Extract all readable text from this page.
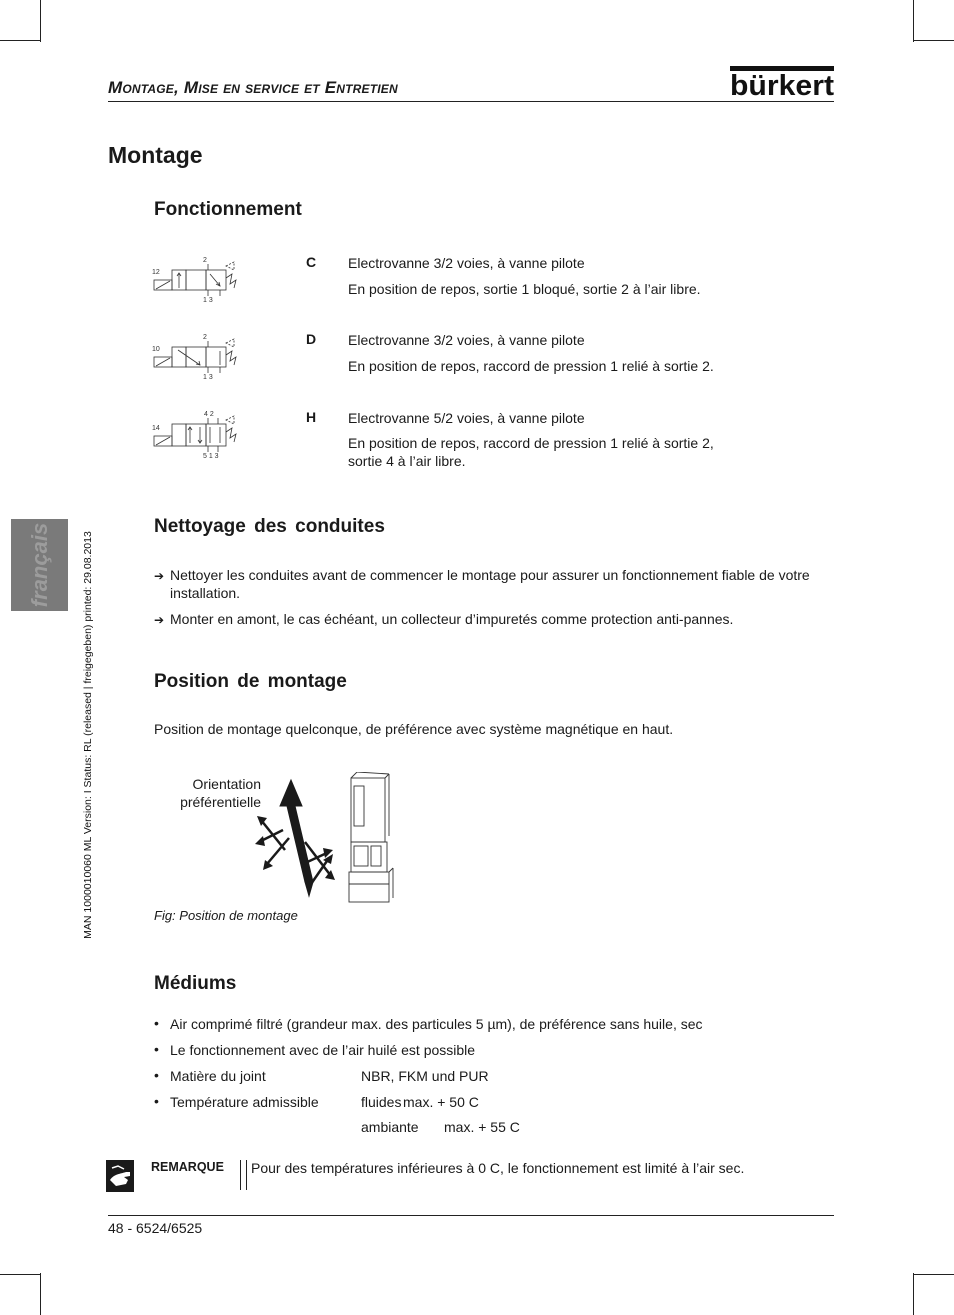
Montage, Mise en service et Entretien	bürkert
Montage
français	MAN 1000010060 ML Version: I Status: RL (released | freigegeben) printed: 29.08.2013
Fonctionnement
2
12
1 3
C Electrovanne 3/2 voies, à vanne pilote
En position de repos, sortie 1 bloqué, sortie 2 à l’air libre.
2
10
1 3
D Electrovanne 3/2 voies, à vanne pilote
En position de repos, raccord de pression 1 relié à sortie 2.
4 2
14
5 1 3
H Electrovanne 5/2 voies, à vanne pilote
En position de repos, raccord de pression 1 relié à sortie 2,
sortie 4 à l’air libre.
Nettoyage des conduites
➔ Nettoyer les conduites avant de commencer le montage pour assurer un fonctionnement fiable de votre
installation.
➔ Monter en amont, le cas échéant, un collecteur d’impuretés comme protection anti-pannes.
Position de montage
Position de montage quelconque, de préférence avec système magnétique en haut.
Orientation
préférentielle
Fig: Position de montage
Médiums
• Air comprimé filtré (grandeur max. des particules 5 µm), de préférence sans huile, sec
• Le fonctionnement avec de l’air huilé est possible
• Matière du joint	NBR, FKM und PUR
• Température admissible	fluides max. + 50 C
ambiante max. + 55 C
REMARQUE Pour des températures inférieures à 0 C, le fonctionnement est limité à l’air sec.
48 - 6524/6525
